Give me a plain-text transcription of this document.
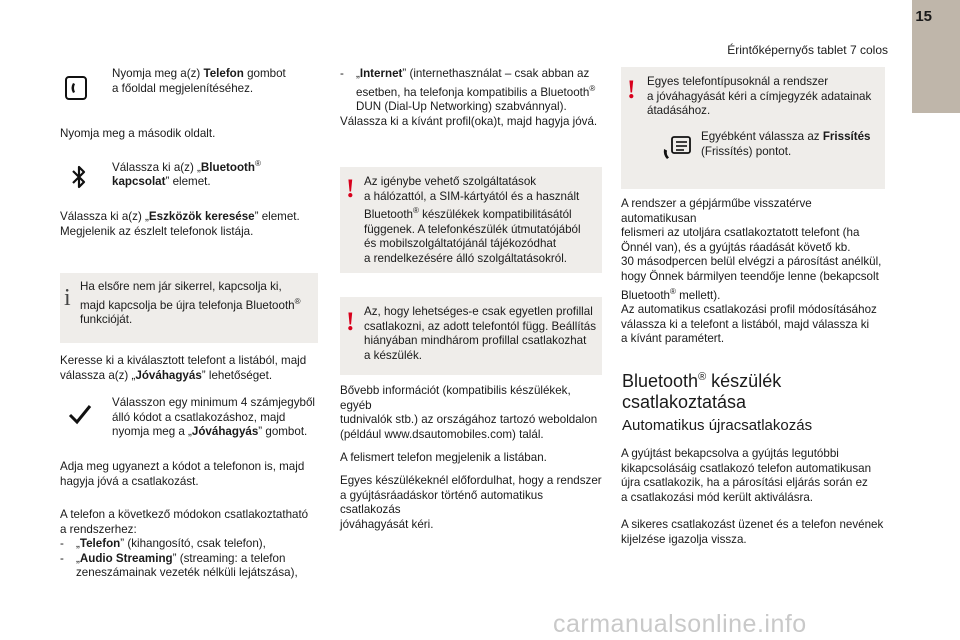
15
Érintőképernyős tablet 7 colos
Nyomja meg a(z) Telefon gombot
a főoldal megjelenítéséhez.
Nyomja meg a második oldalt.
Válassza ki a(z) „Bluetooth®
kapcsolat” elemet.
Válassza ki a(z) „Eszközök keresése” elemet.
Megjelenik az észlelt telefonok listája.
i Ha elsőre nem jár sikerrel, kapcsolja ki,
majd kapcsolja be újra telefonja Bluetooth®
funkcióját.
Keresse ki a kiválasztott telefont a listából, majd
válassza a(z) „Jóváhagyás” lehetőséget.
Válasszon egy minimum 4 számjegyből
álló kódot a csatlakozáshoz, majd
nyomja meg a „Jóváhagyás” gombot.
Adja meg ugyanezt a kódot a telefonon is, majd
hagyja jóvá a csatlakozást.
A telefon a következő módokon csatlakoztatható
a rendszerhez:
- „Telefon” (kihangosító, csak telefon),
- „Audio Streaming” (streaming: a telefon
zeneszámainak vezeték nélküli lejátszása),
- „Internet” (internethasználat – csak abban az
esetben, ha telefonja kompatibilis a Bluetooth®
DUN (Dial-Up Networking) szabvánnyal).
Válassza ki a kívánt profil(oka)t, majd hagyja jóvá.
! Az igénybe vehető szolgáltatások
a hálózattól, a SIM-kártyától és a használt
Bluetooth® készülékek kompatibilitásától
függenek. A telefonkészülék útmutatójából
és mobilszolgáltatójánál tájékozódhat
a rendelkezésére álló szolgáltatásokról.
! Az, hogy lehetséges-e csak egyetlen profillal
csatlakozni, az adott telefontól függ. Beállítás
hiányában mindhárom profillal csatlakozhat
a készülék.
Bővebb információt (kompatibilis készülékek, egyéb
tudnivalók stb.) az országához tartozó weboldalon
(például www.dsautomobiles.com) talál.
A felismert telefon megjelenik a listában.
Egyes készülékeknél előfordulhat, hogy a rendszer
a gyújtásráadáskor történő automatikus csatlakozás
jóváhagyását kéri.
! Egyes telefontípusoknál a rendszer
a jóváhagyását kéri a címjegyzék adatainak
átadásához.
Egyébként válassza az Frissítés
(Frissítés) pontot.
A rendszer a gépjárműbe visszatérve automatikusan
felismeri az utoljára csatlakoztatott telefont (ha
Önnél van), és a gyújtás ráadását követő kb.
30 másodpercen belül elvégzi a párosítást anélkül,
hogy Önnek bármilyen teendője lenne (bekapcsolt
Bluetooth® mellett).
Az automatikus csatlakozási profil módosításához
válassza ki a telefont a listából, majd válassza ki
a kívánt paramétert.
Bluetooth® készülék
csatlakoztatása
Automatikus újracsatlakozás
A gyújtást bekapcsolva a gyújtás legutóbbi
kikapcsolásáig csatlakozó telefon automatikusan
újra csatlakozik, ha a párosítási eljárás során ez
a csatlakozási mód került aktiválásra.
A sikeres csatlakozást üzenet és a telefon nevének
kijelzése igazolja vissza.
carmanualsonline.info
